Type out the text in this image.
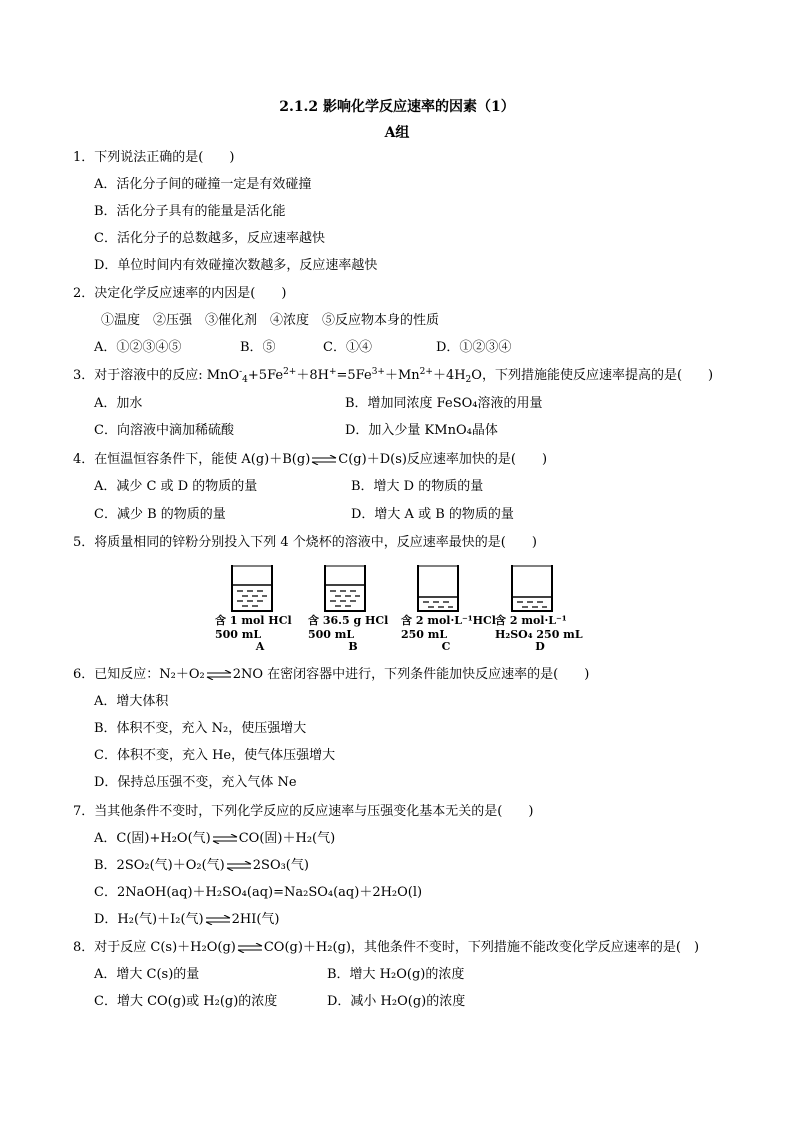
2.1.2 影响化学反应速率的因素（1）
A组
1．下列说法正确的是(　　)
A．活化分子间的碰撞一定是有效碰撞
B．活化分子具有的能量是活化能
C．活化分子的总数越多，反应速率越快
D．单位时间内有效碰撞次数越多，反应速率越快
2．决定化学反应速率的内因是(　　)
①温度　②压强　③催化剂　④浓度　⑤反应物本身的性质
A．①②③④⑤	B．⑤	C．①④	D．①②③④
3．对于溶液中的反应: $MnO^-_4+5Fe^{2+}+8H^+=5Fe^{3+}+Mn^{2+}+4H_2O$，下列措施能使反应速率提高的是(　　)
A．加水	B．增加同浓度 FeSO₄溶液的用量
C．向溶液中滴加稀硫酸	D．加入少量 KMnO₄晶体
4．在恒温恒容条件下，能使 A(g)＋B(g)⇌C(g)＋D(s)反应速率加快的是(　　)
A．减少 C 或 D 的物质的量	B．增大 D 的物质的量
C．减少 B 的物质的量	D．增大 A 或 B 的物质的量
5．将质量相同的锌粉分别投入下列 4 个烧杯的溶液中，反应速率最快的是(　　)
含 1 mol HCl
500 mL
A
含 36.5 g HCl
500 mL
B
含 2 mol·L⁻¹HCl
250 mL
C
含 2 mol·L⁻¹
H₂SO₄ 250 mL
D
6．已知反应：N₂＋O₂⇌2NO 在密闭容器中进行，下列条件能加快反应速率的是(　　)
A．增大体积
B．体积不变，充入 N₂，使压强增大
C．体积不变，充入 He，使气体压强增大
D．保持总压强不变，充入气体 Ne
7．当其他条件不变时，下列化学反应的反应速率与压强变化基本无关的是(　　)
A．C(固)+H₂O(气)⇌CO(固)＋H₂(气)
B．2SO₂(气)＋O₂(气)⇌2SO₃(气)
C．2NaOH(aq)＋H₂SO₄(aq)=Na₂SO₄(aq)＋2H₂O(l)
D．H₂(气)＋I₂(气)⇌2HI(气)
8．对于反应 C(s)＋H₂O(g)⇌CO(g)＋H₂(g)，其他条件不变时，下列措施不能改变化学反应速率的是(　)
A．增大 C(s)的量	B．增大 H₂O(g)的浓度
C．增大 CO(g)或 H₂(g)的浓度	D．减小 H₂O(g)的浓度
